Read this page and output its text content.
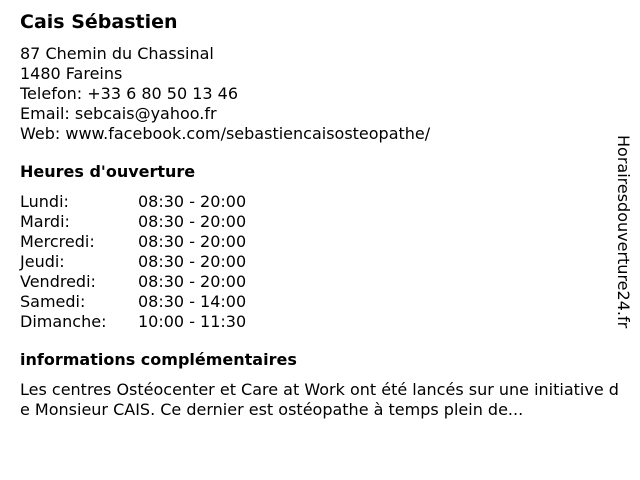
Cais Sébastien
87 Chemin du Chassinal
1480 Fareins
Telefon: +33 6 80 50 13 46
Email: sebcais@yahoo.fr
Web: www.facebook.com/sebastiencaisosteopathe/
Heures d'ouverture
Lundi:	08:30 - 20:00
Mardi:	08:30 - 20:00
Mercredi:	08:30 - 20:00
Jeudi:	08:30 - 20:00
Vendredi:	08:30 - 20:00
Samedi:	08:30 - 14:00
Dimanche:	10:00 - 11:30
informations complémentaires
Les centres Ostéocenter et Care at Work ont été lancés sur une initiative de Monsieur CAIS. Ce dernier est ostéopathe à temps plein de...
Horairesdouverture24.fr
